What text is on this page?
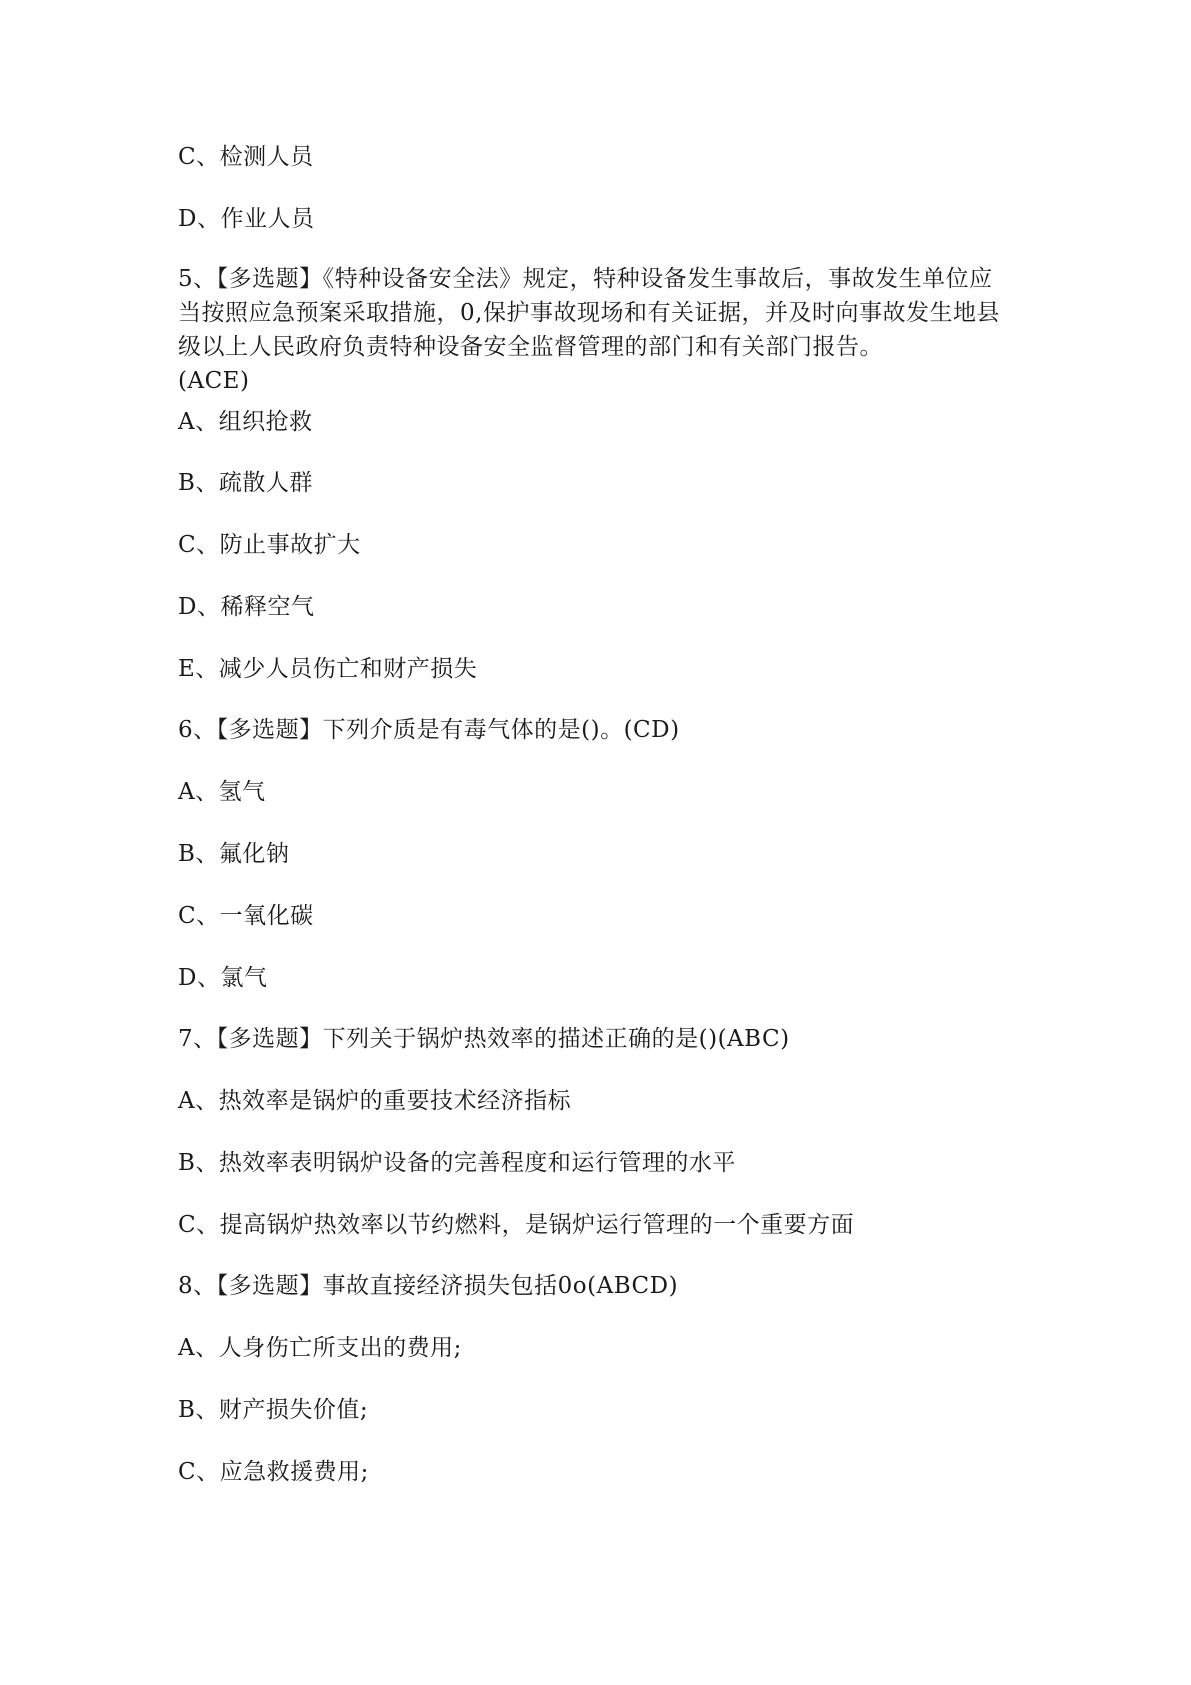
C、检测人员
D、作业人员
5、【多选题】《特种设备安全法》规定，特种设备发生事故后，事故发生单位应
当按照应急预案采取措施，0,保护事故现场和有关证据，并及时向事故发生地县
级以上人民政府负责特种设备安全监督管理的部门和有关部门报告。
(ACE)
A、组织抢救
B、疏散人群
C、防止事故扩大
D、稀释空气
E、减少人员伤亡和财产损失
6、【多选题】下列介质是有毒气体的是()。(CD)
A、氢气
B、氟化钠
C、一氧化碳
D、氯气
7、【多选题】下列关于锅炉热效率的描述正确的是()(ABC)
A、热效率是锅炉的重要技术经济指标
B、热效率表明锅炉设备的完善程度和运行管理的水平
C、提高锅炉热效率以节约燃料，是锅炉运行管理的一个重要方面
8、【多选题】事故直接经济损失包括0o(ABCD)
A、人身伤亡所支出的费用;
B、财产损失价值;
C、应急救援费用;
